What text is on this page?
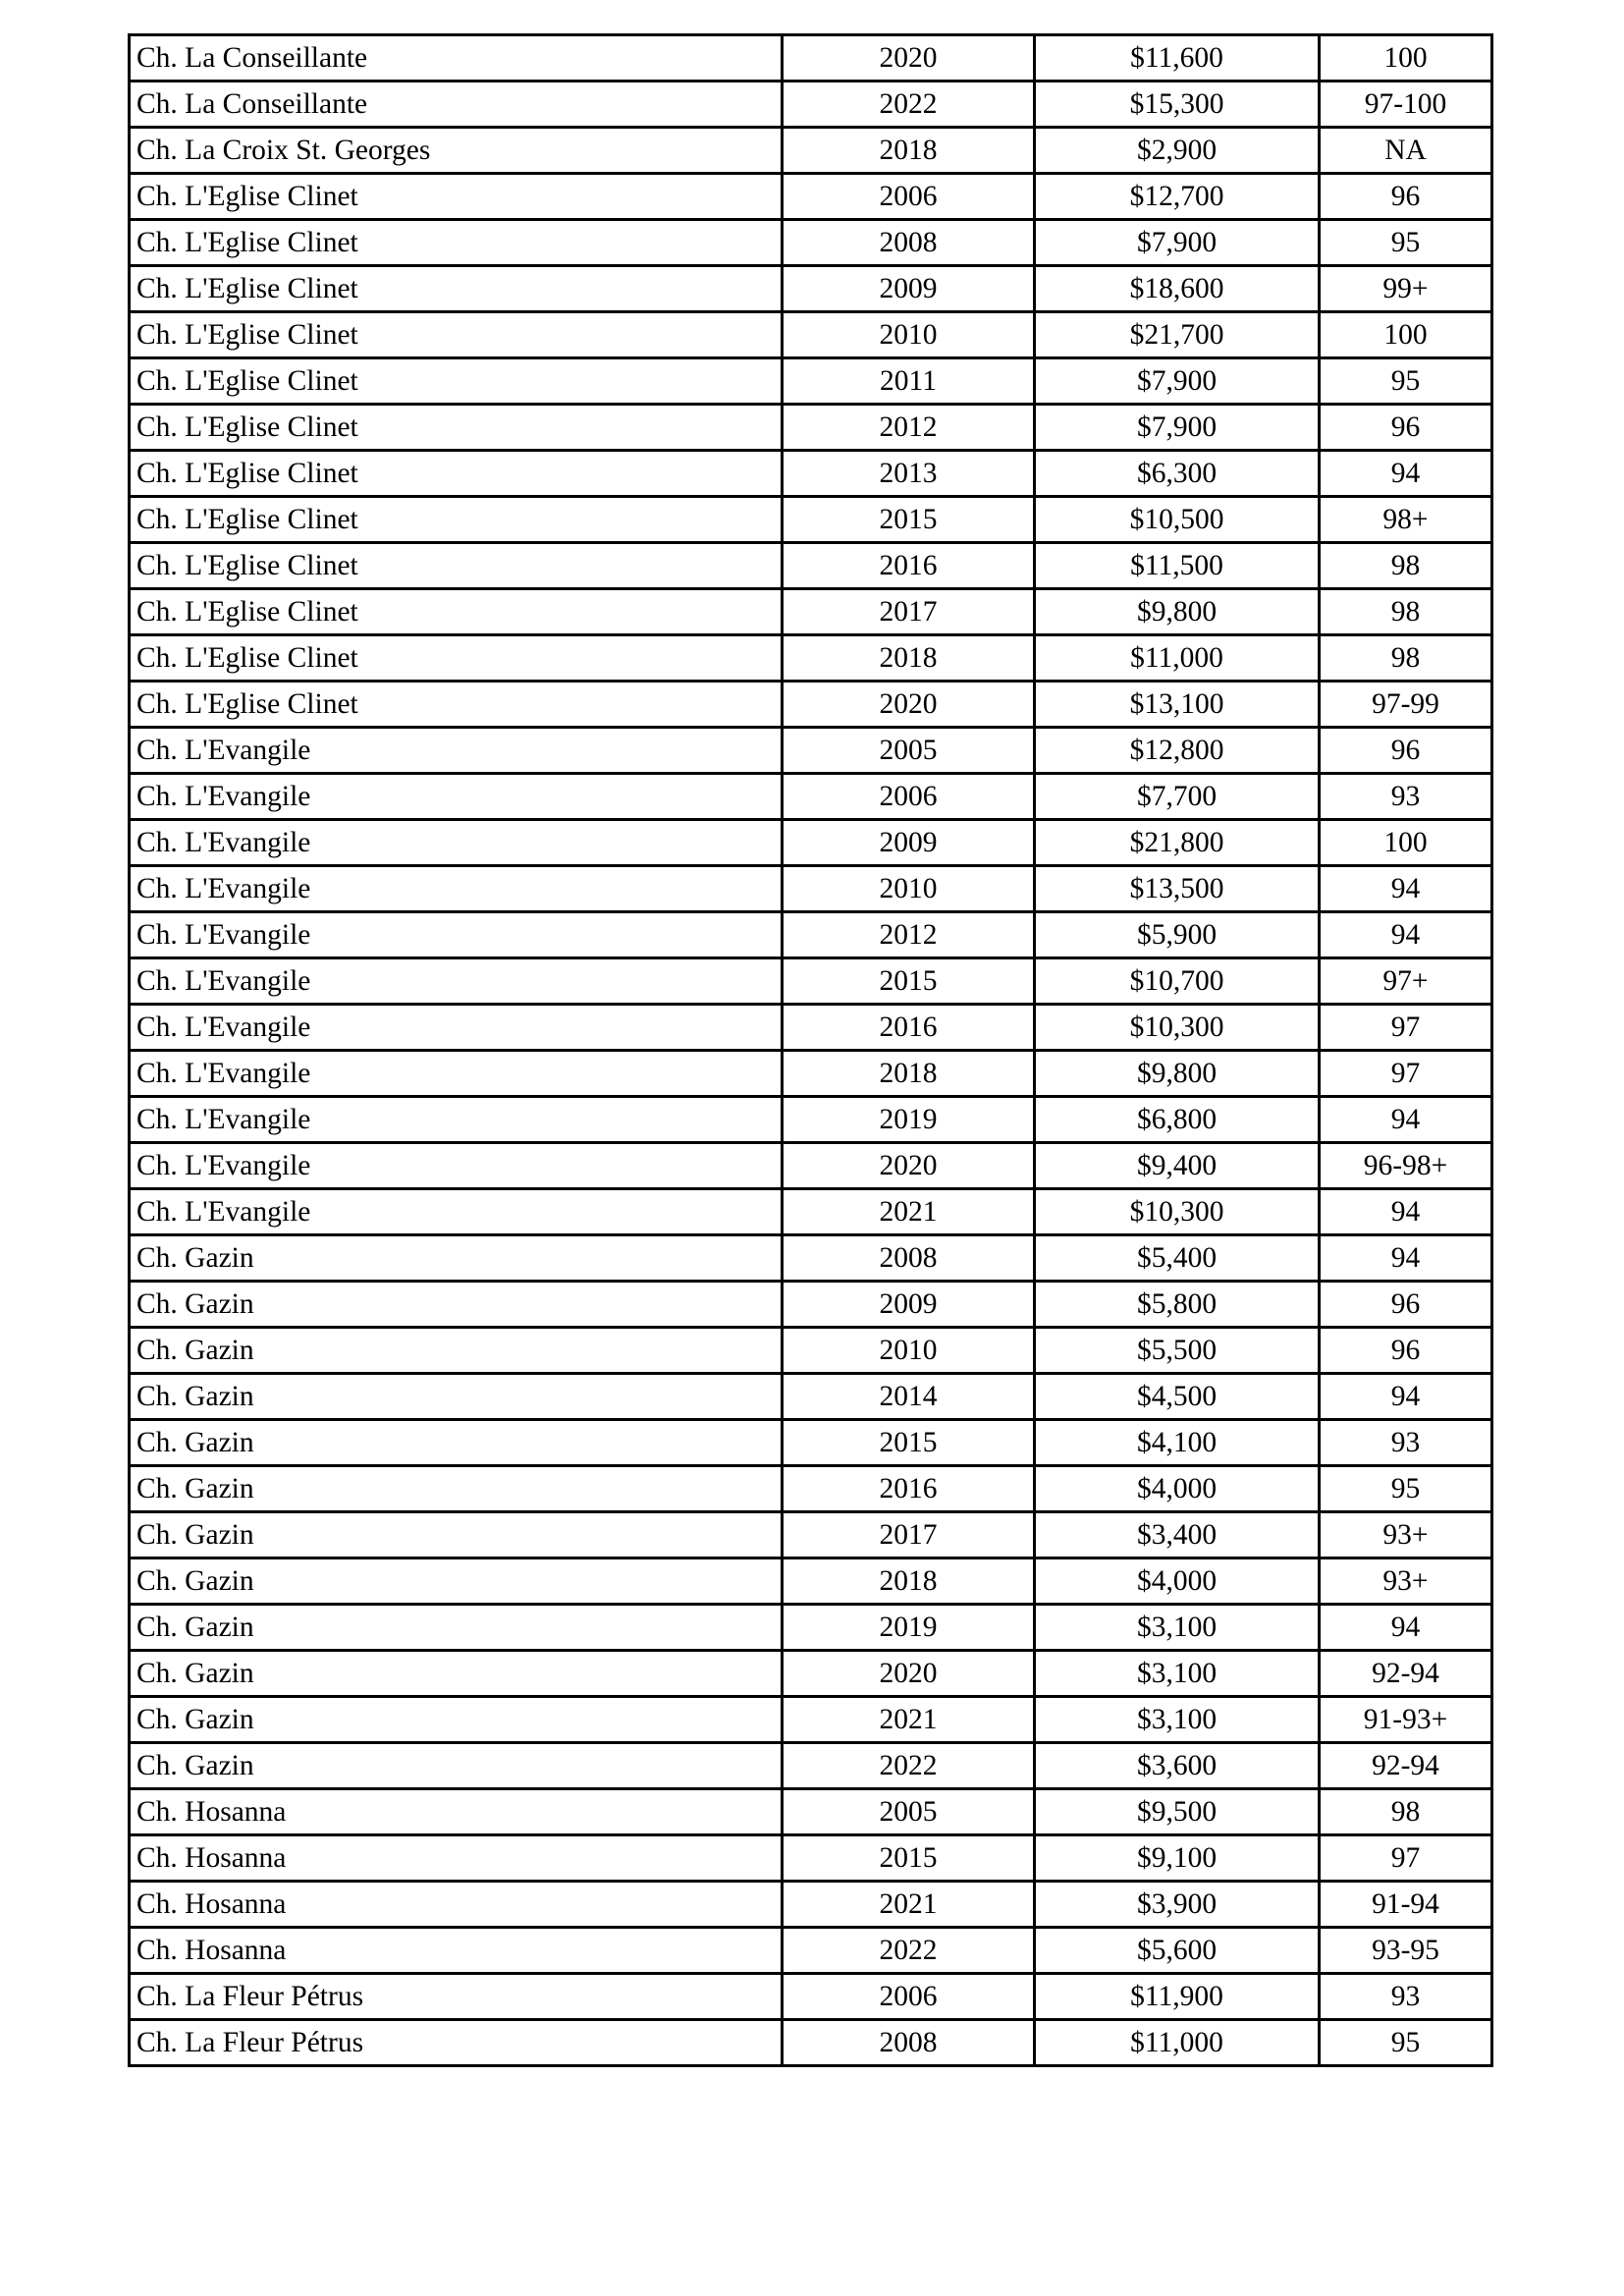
Ch. La Conseillante	2020	$11,600	100
Ch. La Conseillante	2022	$15,300	97-100
Ch. La Croix St. Georges	2018	$2,900	NA
Ch. L'Eglise Clinet	2006	$12,700	96
Ch. L'Eglise Clinet	2008	$7,900	95
Ch. L'Eglise Clinet	2009	$18,600	99+
Ch. L'Eglise Clinet	2010	$21,700	100
Ch. L'Eglise Clinet	2011	$7,900	95
Ch. L'Eglise Clinet	2012	$7,900	96
Ch. L'Eglise Clinet	2013	$6,300	94
Ch. L'Eglise Clinet	2015	$10,500	98+
Ch. L'Eglise Clinet	2016	$11,500	98
Ch. L'Eglise Clinet	2017	$9,800	98
Ch. L'Eglise Clinet	2018	$11,000	98
Ch. L'Eglise Clinet	2020	$13,100	97-99
Ch. L'Evangile	2005	$12,800	96
Ch. L'Evangile	2006	$7,700	93
Ch. L'Evangile	2009	$21,800	100
Ch. L'Evangile	2010	$13,500	94
Ch. L'Evangile	2012	$5,900	94
Ch. L'Evangile	2015	$10,700	97+
Ch. L'Evangile	2016	$10,300	97
Ch. L'Evangile	2018	$9,800	97
Ch. L'Evangile	2019	$6,800	94
Ch. L'Evangile	2020	$9,400	96-98+
Ch. L'Evangile	2021	$10,300	94
Ch. Gazin	2008	$5,400	94
Ch. Gazin	2009	$5,800	96
Ch. Gazin	2010	$5,500	96
Ch. Gazin	2014	$4,500	94
Ch. Gazin	2015	$4,100	93
Ch. Gazin	2016	$4,000	95
Ch. Gazin	2017	$3,400	93+
Ch. Gazin	2018	$4,000	93+
Ch. Gazin	2019	$3,100	94
Ch. Gazin	2020	$3,100	92-94
Ch. Gazin	2021	$3,100	91-93+
Ch. Gazin	2022	$3,600	92-94
Ch. Hosanna	2005	$9,500	98
Ch. Hosanna	2015	$9,100	97
Ch. Hosanna	2021	$3,900	91-94
Ch. Hosanna	2022	$5,600	93-95
Ch. La Fleur Pétrus	2006	$11,900	93
Ch. La Fleur Pétrus	2008	$11,000	95
